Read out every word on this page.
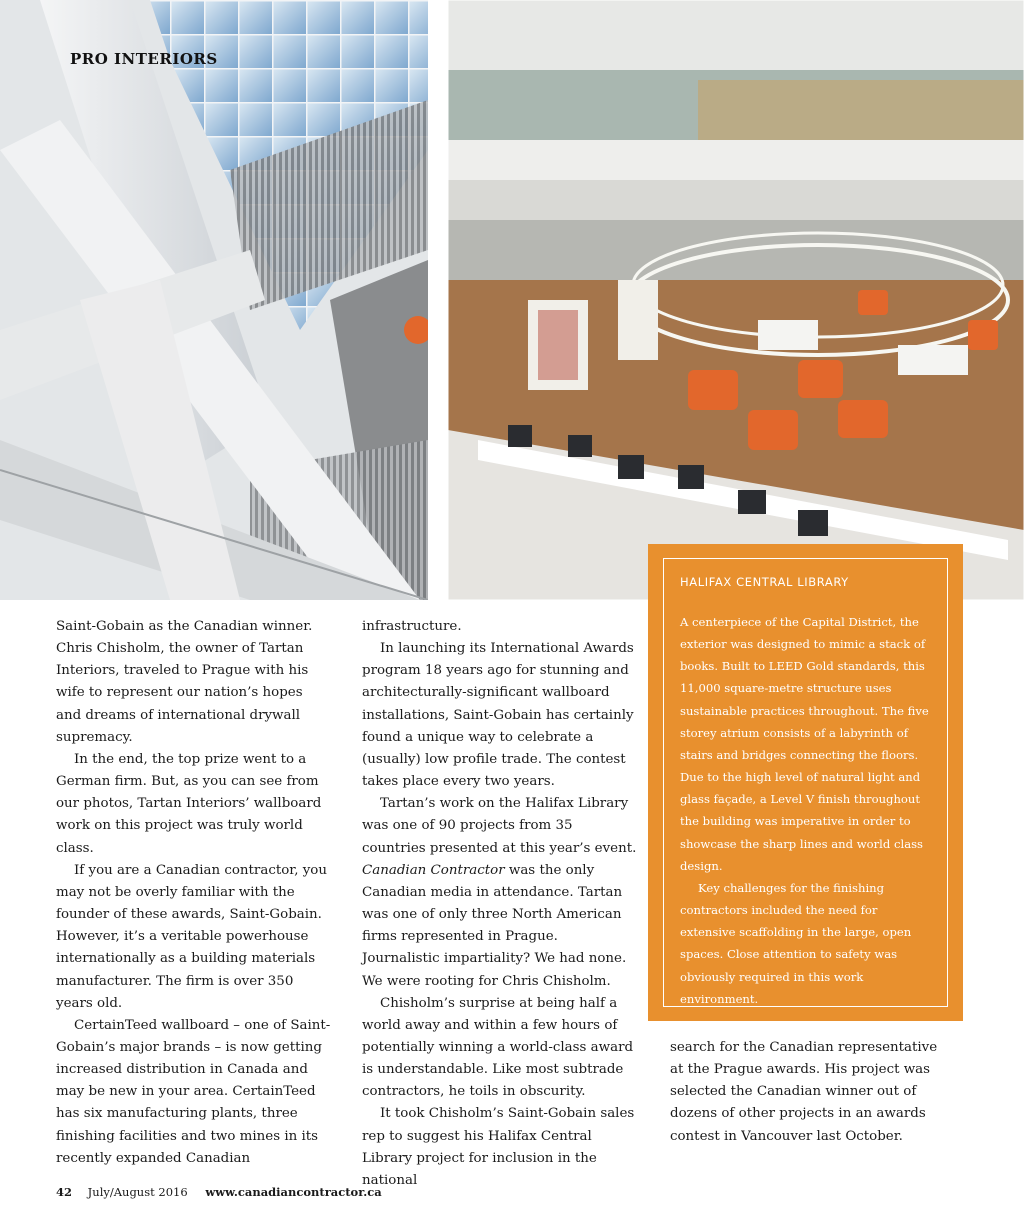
PRO INTERIORS

Saint-Gobain as the Canadian winner. Chris Chisholm, the owner of Tartan Interiors, traveled to Prague with his wife to represent our nation’s hopes and dreams of international drywall supremacy.

In the end, the top prize went to a German firm. But, as you can see from our photos, Tartan Interiors’ wallboard work on this project was truly world class.

If you are a Canadian contractor, you may not be overly familiar with the founder of these awards, Saint-Gobain. However, it’s a veritable powerhouse internationally as a building materials manufacturer. The firm is over 350 years old.

CertainTeed wallboard – one of Saint-Gobain’s major brands – is now getting increased distribution in Canada and may be new in your area. CertainTeed has six manufacturing plants, three finishing facilities and two mines in its recently expanded Canadian

infrastructure.

In launching its International Awards program 18 years ago for stunning and architecturally-significant wallboard installations, Saint-Gobain has certainly found a unique way to celebrate a (usually) low profile trade. The contest takes place every two years.

Tartan’s work on the Halifax Library was one of 90 projects from 35 countries presented at this year’s event. Canadian Contractor was the only Canadian media in attendance. Tartan was one of only three North American firms represented in Prague. Journalistic impartiality? We had none. We were rooting for Chris Chisholm.

Chisholm’s surprise at being half a world away and within a few hours of potentially winning a world-class award is understandable. Like most subtrade contractors, he toils in obscurity.

It took Chisholm’s Saint-Gobain sales rep to suggest his Halifax Central Library project for inclusion in the national

search for the Canadian representative at the Prague awards. His project was selected the Canadian winner out of dozens of other projects in an awards contest in Vancouver last October.

HALIFAX CENTRAL LIBRARY

A centerpiece of the Capital District, the exterior was designed to mimic a stack of books. Built to LEED Gold standards, this 11,000 square-metre structure uses sustainable practices throughout. The five storey atrium consists of a labyrinth of stairs and bridges connecting the floors. Due to the high level of natural light and glass façade, a Level V finish throughout the building was imperative in order to showcase the sharp lines and world class design.

Key challenges for the finishing contractors included the need for extensive scaffolding in the large, open spaces. Close attention to safety was obviously required in this work environment.

42 July/August 2016 www.canadiancontractor.ca
